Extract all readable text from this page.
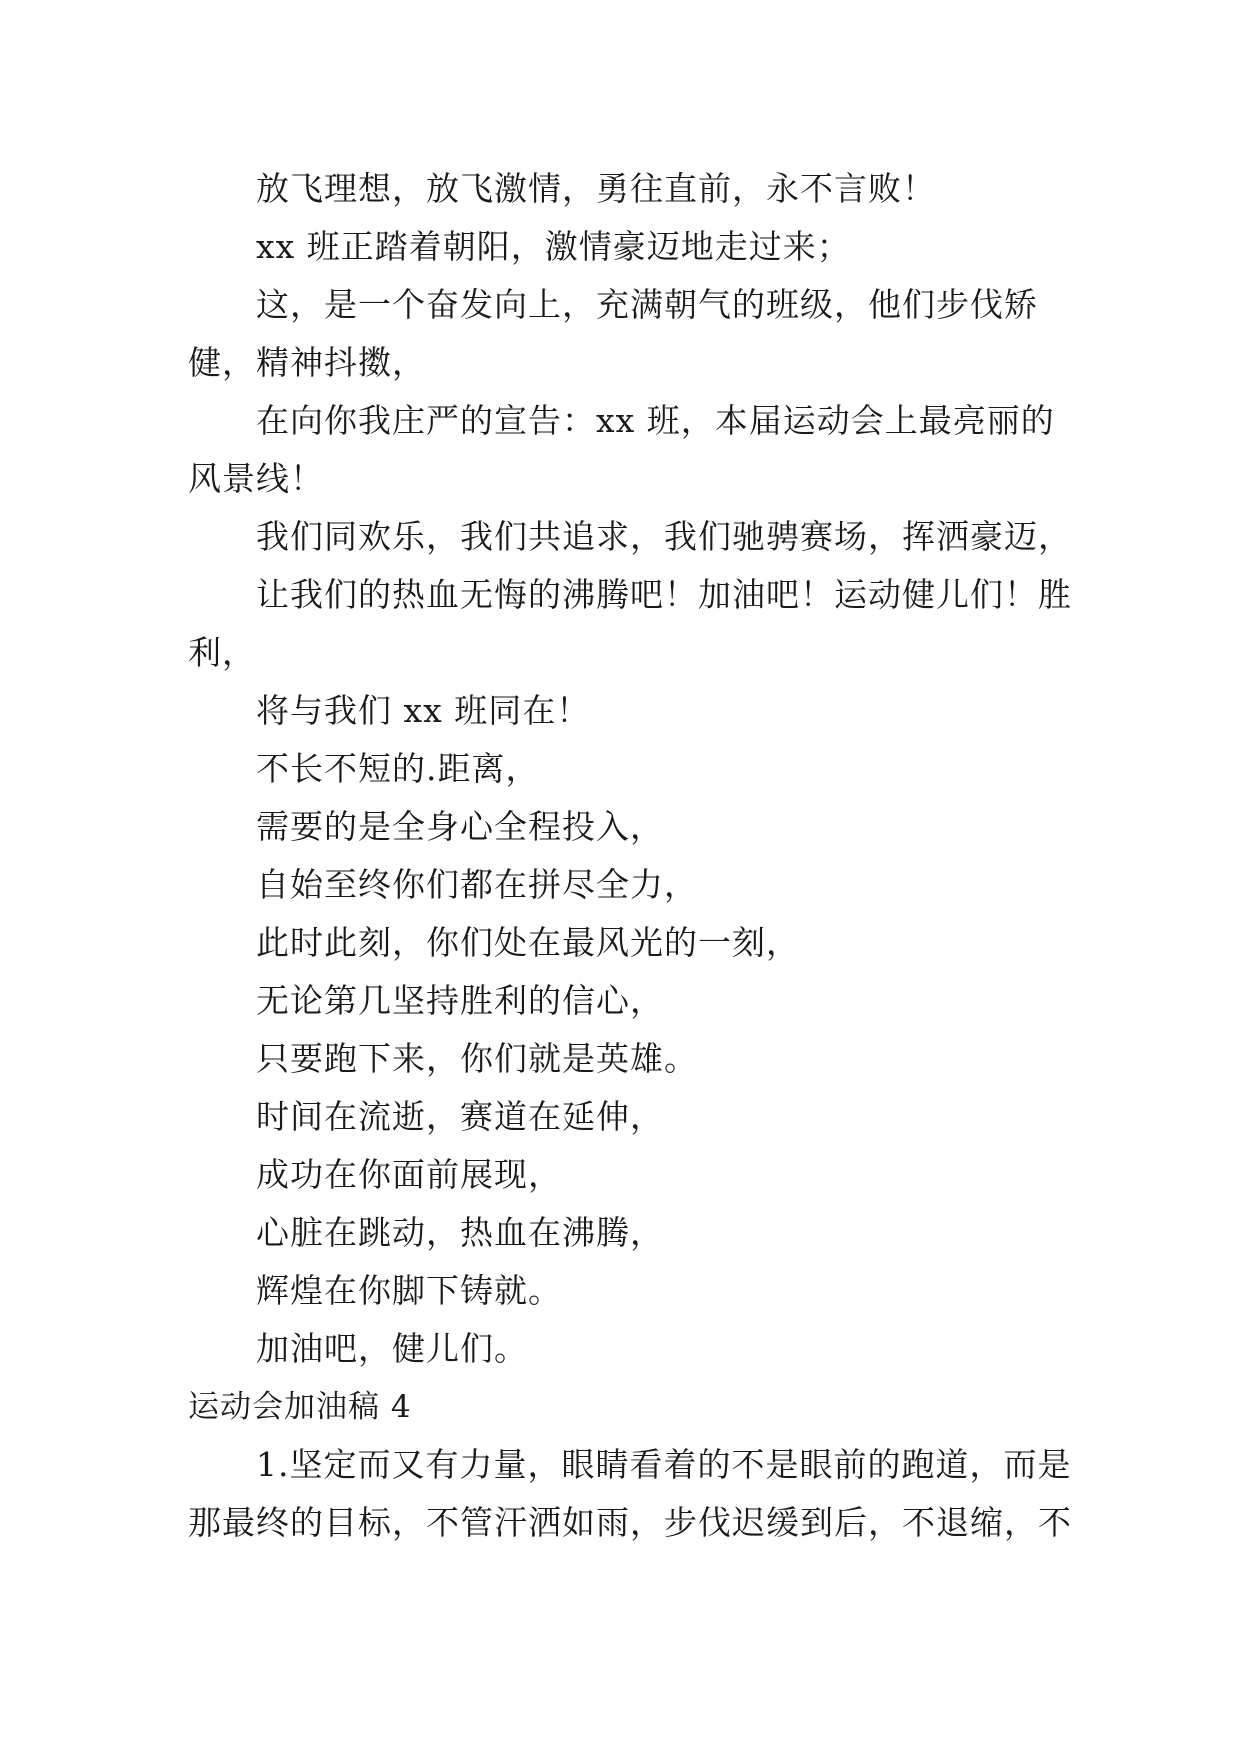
放飞理想，放飞激情，勇往直前，永不言败！

xx 班正踏着朝阳，激情豪迈地走过来；

这，是一个奋发向上，充满朝气的班级，他们步伐矫健，精神抖擞，

在向你我庄严的宣告：xx 班，本届运动会上最亮丽的风景线！

我们同欢乐，我们共追求，我们驰骋赛场，挥洒豪迈，

让我们的热血无悔的沸腾吧！加油吧！运动健儿们！胜利，

将与我们 xx 班同在！

不长不短的.距离，

需要的是全身心全程投入，

自始至终你们都在拼尽全力，

此时此刻，你们处在最风光的一刻，

无论第几坚持胜利的信心，

只要跑下来，你们就是英雄。

时间在流逝，赛道在延伸，

成功在你面前展现，

心脏在跳动，热血在沸腾，

辉煌在你脚下铸就。

加油吧，健儿们。

运动会加油稿 4

1.坚定而又有力量，眼睛看着的不是眼前的跑道，而是那最终的目标，不管汗洒如雨，步伐迟缓到后，不退缩，不
